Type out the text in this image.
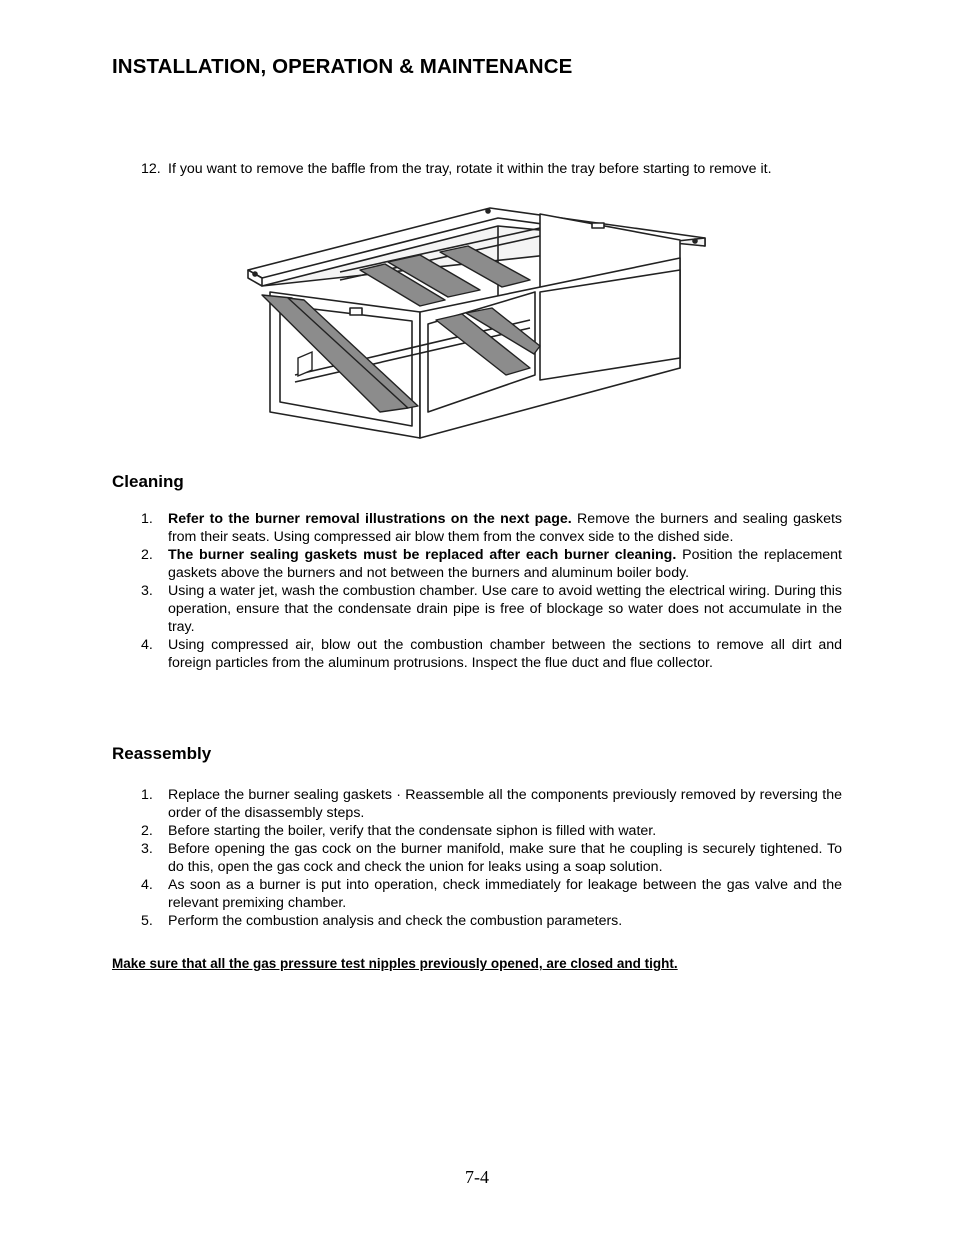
INSTALLATION, OPERATION & MAINTENANCE
12. If you want to remove the baffle from the tray, rotate it within the tray before starting to remove it.
Cleaning
1. Refer to the burner removal illustrations on the next page. Remove the burners and sealing gaskets from their seats. Using compressed air blow them from the convex side to the dished side.
2. The burner sealing gaskets must be replaced after each burner cleaning. Position the replacement gaskets above the burners and not between the burners and aluminum boiler body.
3. Using a water jet, wash the combustion chamber. Use care to avoid wetting the electrical wiring. During this operation, ensure that the condensate drain pipe is free of blockage so water does not accumulate in the tray.
4. Using compressed air, blow out the combustion chamber between the sections to remove all dirt and foreign particles from the aluminum protrusions. Inspect the flue duct and flue collector.
Reassembly
1. Replace the burner sealing gaskets · Reassemble all the components previously removed by reversing the order of the disassembly steps.
2. Before starting the boiler, verify that the condensate siphon is filled with water.
3. Before opening the gas cock on the burner manifold, make sure that he coupling is securely tightened. To do this, open the gas cock and check the union for leaks using a soap solution.
4. As soon as a burner is put into operation, check immediately for leakage between the gas valve and the relevant premixing chamber.
5. Perform the combustion analysis and check the combustion parameters.
Make sure that all the gas pressure test nipples previously opened, are closed and tight.
7-4
